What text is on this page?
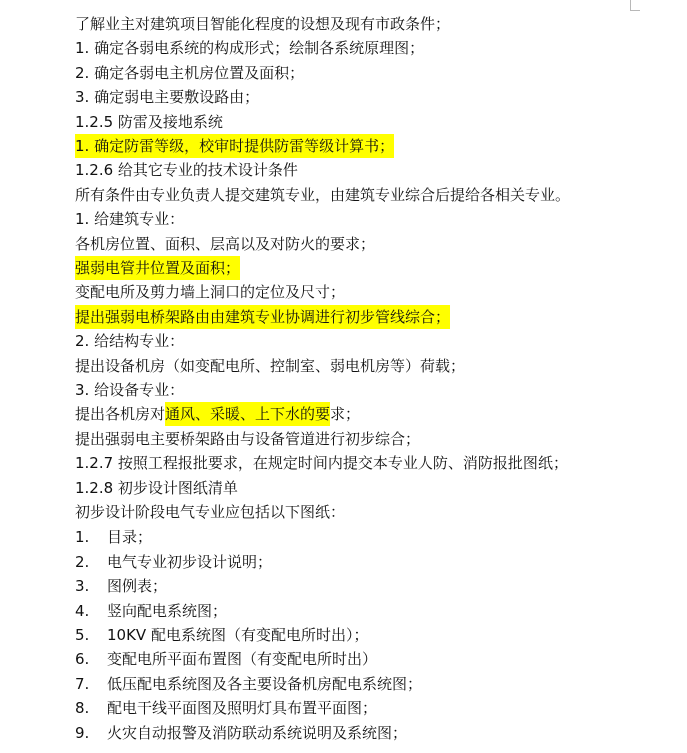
了解业主对建筑项目智能化程度的设想及现有市政条件；
1. 确定各弱电系统的构成形式；绘制各系统原理图；
2. 确定各弱电主机房位置及面积；
3. 确定弱电主要敷设路由；
1.2.5 防雷及接地系统
1. 确定防雷等级，校审时提供防雷等级计算书；
1.2.6 给其它专业的技术设计条件
所有条件由专业负责人提交建筑专业，由建筑专业综合后提给各相关专业。
1. 给建筑专业：
各机房位置、面积、层高以及对防火的要求；
强弱电管井位置及面积；
变配电所及剪力墙上洞口的定位及尺寸；
提出强弱电桥架路由由建筑专业协调进行初步管线综合；
2. 给结构专业：
提出设备机房（如变配电所、控制室、弱电机房等）荷载；
3. 给设备专业：
提出各机房对通风、采暖、上下水的要求；
提出强弱电主要桥架路由与设备管道进行初步综合；
1.2.7 按照工程报批要求，在规定时间内提交本专业人防、消防报批图纸；
1.2.8 初步设计图纸清单
初步设计阶段电气专业应包括以下图纸：
1. 目录；
2. 电气专业初步设计说明；
3. 图例表；
4. 竖向配电系统图；
5. 10KV 配电系统图（有变配电所时出）；
6. 变配电所平面布置图（有变配电所时出）
7. 低压配电系统图及各主要设备机房配电系统图；
8. 配电干线平面图及照明灯具布置平面图；
9. 火灾自动报警及消防联动系统说明及系统图；
